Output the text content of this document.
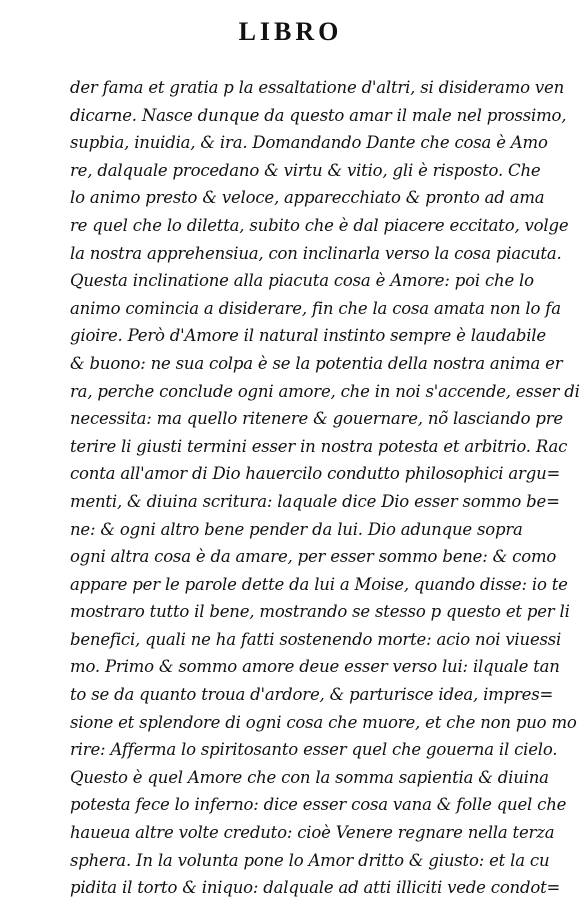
LIBRO
der fama et gratia p la essaltatione d'altri, si disideramo ven
dicarne. Nasce dunque da questo amar il male nel prossimo,
supbia, inuidia, & ira. Domandando Dante che cosa è Amo
re, dalquale procedano & virtu & vitio, gli è risposto. Che
lo animo presto & veloce, apparecchiato & pronto ad ama
re quel che lo diletta, subito che è dal piacere eccitato, volge
la nostra apprehensiua, con inclinarla verso la cosa piacuta.
Questa inclinatione alla piacuta cosa è Amore: poi che lo
animo comincia a disiderare, fin che la cosa amata non lo fa
gioire. Però d'Amore il natural instinto sempre è laudabile
& buono: ne sua colpa è se la potentia della nostra anima er
ra, perche conclude ogni amore, che in noi s'accende, esser di
necessita: ma quello ritenere & gouernare, nõ lasciando pre
terire li giusti termini esser in nostra potesta et arbitrio. Rac
conta all'amor di Dio hauercilo condutto philosophici argu=
menti, & diuina scritura: laquale dice Dio esser sommo be=
ne: & ogni altro bene pender da lui. Dio adunque sopra
ogni altra cosa è da amare, per esser sommo bene: & como
appare per le parole dette da lui a Moise, quando disse: io te
mostraro tutto il bene, mostrando se stesso p questo et per li
benefici, quali ne ha fatti sostenendo morte: acio noi viuessi
mo. Primo & sommo amore deue esser verso lui: ilquale tan
to se da quanto troua d'ardore, & parturisce idea, impres=
sione et splendore di ogni cosa che muore, et che non puo mo
rire: Afferma lo spiritosanto esser quel che gouerna il cielo.
Questo è quel Amore che con la somma sapientia & diuina
potesta fece lo inferno: dice esser cosa vana & folle quel che
haueua altre volte creduto: cioè Venere regnare nella terza
sphera. In la volunta pone lo Amor dritto & giusto: et la cu
pidita il torto & iniquo: dalquale ad atti illiciti vede condot=
